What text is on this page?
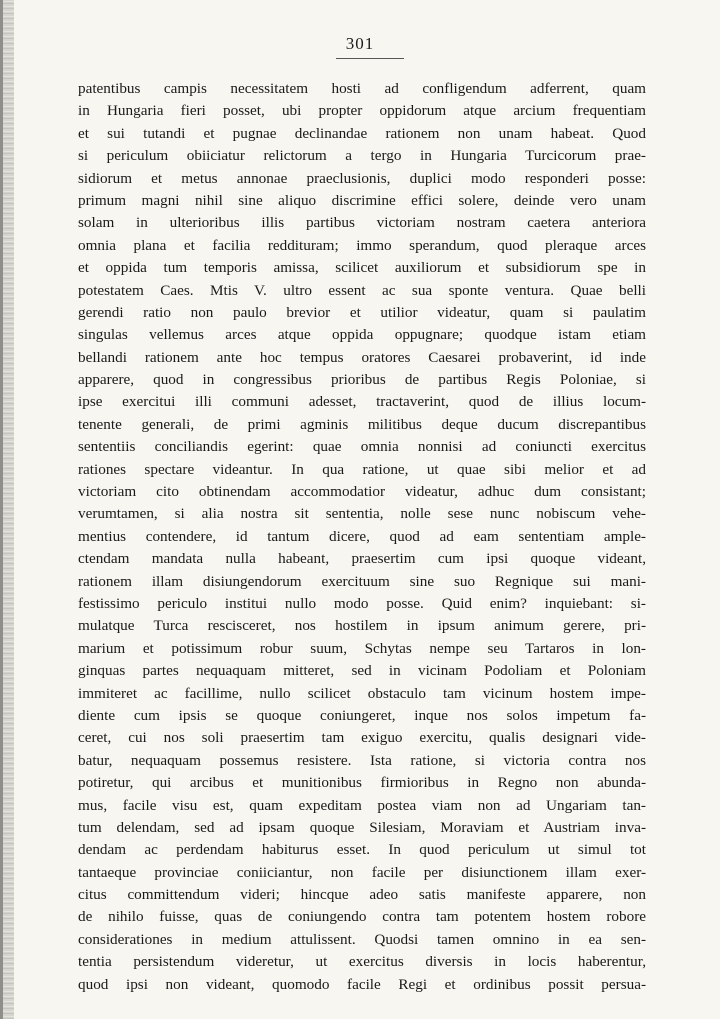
301
patentibus campis necessitatem hosti ad confligendum adferrent, quam
in Hungaria fieri posset, ubi propter oppidorum atque arcium frequentiam
et sui tutandi et pugnae declinandae rationem non unam habeat. Quod
si periculum obiiciatur relictorum a tergo in Hungaria Turcicorum prae-
sidiorum et metus annonae praeclusionis, duplici modo responderi posse:
primum magni nihil sine aliquo discrimine effici solere, deinde vero unam
solam in ulterioribus illis partibus victoriam nostram caetera anteriora
omnia plana et facilia reddituram; immo sperandum, quod pleraque arces
et oppida tum temporis amissa, scilicet auxiliorum et subsidiorum spe in
potestatem Caes. Mtis V. ultro essent ac sua sponte ventura. Quae belli
gerendi ratio non paulo brevior et utilior videatur, quam si paulatim
singulas vellemus arces atque oppida oppugnare; quodque istam etiam
bellandi rationem ante hoc tempus oratores Caesarei probaverint, id inde
apparere, quod in congressibus prioribus de partibus Regis Poloniae, si
ipse exercitui illi communi adesset, tractaverint, quod de illius locum-
tenente generali, de primi agminis militibus deque ducum discrepantibus
sententiis conciliandis egerint: quae omnia nonnisi ad coniuncti exercitus
rationes spectare videantur. In qua ratione, ut quae sibi melior et ad
victoriam cito obtinendam accommodatior videatur, adhuc dum consistant;
verumtamen, si alia nostra sit sententia, nolle sese nunc nobiscum vehe-
mentius contendere, id tantum dicere, quod ad eam sententiam ample-
ctendam mandata nulla habeant, praesertim cum ipsi quoque videant,
rationem illam disiungendorum exercituum sine suo Regnique sui mani-
festissimo periculo institui nullo modo posse. Quid enim? inquiebant: si-
mulatque Turca rescisceret, nos hostilem in ipsum animum gerere, pri-
marium et potissimum robur suum, Schytas nempe seu Tartaros in lon-
ginquas partes nequaquam mitteret, sed in vicinam Podoliam et Poloniam
immiteret ac facillime, nullo scilicet obstaculo tam vicinum hostem impe-
diente cum ipsis se quoque coniungeret, inque nos solos impetum fa-
ceret, cui nos soli praesertim tam exiguo exercitu, qualis designari vide-
batur, nequaquam possemus resistere. Ista ratione, si victoria contra nos
potiretur, qui arcibus et munitionibus firmioribus in Regno non abunda-
mus, facile visu est, quam expeditam postea viam non ad Ungariam tan-
tum delendam, sed ad ipsam quoque Silesiam, Moraviam et Austriam inva-
dendam ac perdendam habiturus esset. In quod periculum ut simul tot
tantaeque provinciae coniiciantur, non facile per disiunctionem illam exer-
citus committendum videri; hincque adeo satis manifeste apparere, non
de nihilo fuisse, quas de coniungendo contra tam potentem hostem robore
considerationes in medium attulissent. Quodsi tamen omnino in ea sen-
tentia persistendum videretur, ut exercitus diversis in locis haberentur,
quod ipsi non videant, quomodo facile Regi et ordinibus possit persua-
